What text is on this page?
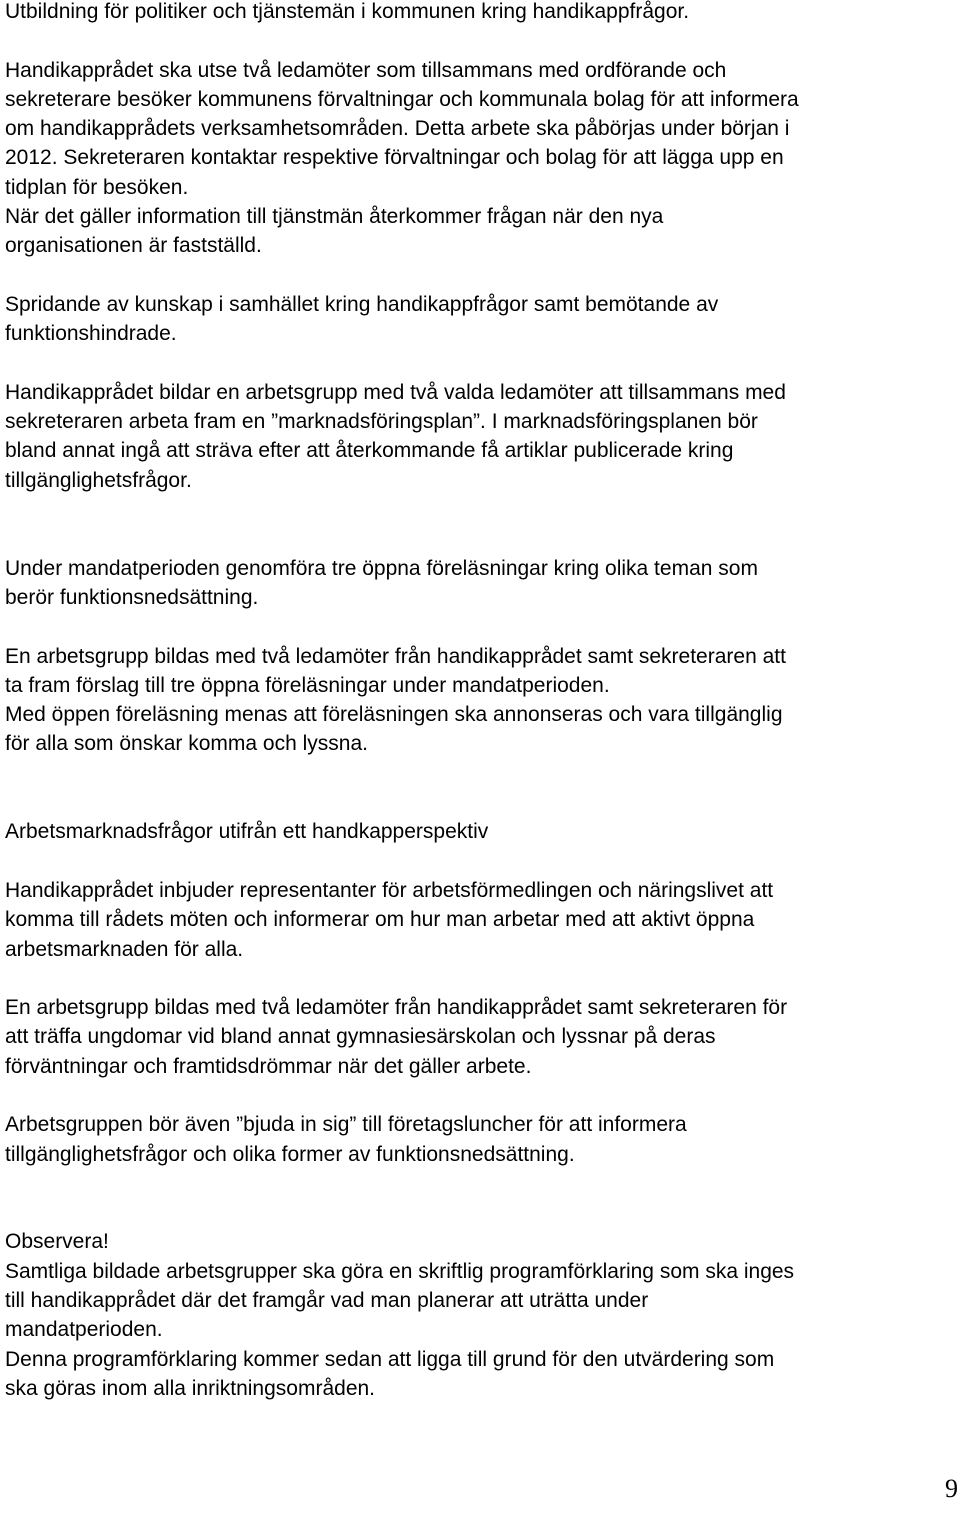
Utbildning för politiker och tjänstemän i kommunen kring handikappfrågor.

Handikapprådet ska utse två ledamöter som tillsammans med ordförande och
sekreterare besöker kommunens förvaltningar och kommunala bolag för att informera
om handikapprådets verksamhetsområden. Detta arbete ska påbörjas under början i
2012. Sekreteraren kontaktar respektive förvaltningar och bolag för att lägga upp en
tidplan för besöken.
När det gäller information till tjänstmän återkommer frågan när den nya
organisationen är fastställd.

Spridande av kunskap i samhället kring handikappfrågor samt bemötande av
funktionshindrade.

Handikapprådet bildar en arbetsgrupp med två valda ledamöter att tillsammans med
sekreteraren arbeta fram en ”marknadsföringsplan”. I marknadsföringsplanen bör
bland annat ingå att sträva efter att återkommande få artiklar publicerade kring
tillgänglighetsfrågor.

Under mandatperioden genomföra tre öppna föreläsningar kring olika teman som
berör funktionsnedsättning.

En arbetsgrupp bildas med två ledamöter från handikapprådet samt sekreteraren att
ta fram förslag till tre öppna föreläsningar under mandatperioden.
Med öppen föreläsning menas att föreläsningen ska annonseras och vara tillgänglig
för alla som önskar komma och lyssna.

Arbetsmarknadsfrågor utifrån ett handkapperspektiv

Handikapprådet inbjuder representanter för arbetsförmedlingen och näringslivet att
komma till rådets möten och informerar om hur man arbetar med att aktivt öppna
arbetsmarknaden för alla.

En arbetsgrupp bildas med två ledamöter från handikapprådet samt sekreteraren för
att träffa ungdomar vid bland annat gymnasiesärskolan och lyssnar på deras
förväntningar och framtidsdrömmar när det gäller arbete.

Arbetsgruppen bör även ”bjuda in sig” till företagsluncher för att informera
tillgänglighetsfrågor och olika former av funktionsnedsättning.

Observera!
Samtliga bildade arbetsgrupper ska göra en skriftlig programförklaring som ska inges
till handikapprådet där det framgår vad man planerar att uträtta under
mandatperioden.
Denna programförklaring kommer sedan att ligga till grund för den utvärdering som
ska göras inom alla inriktningsområden.

9
